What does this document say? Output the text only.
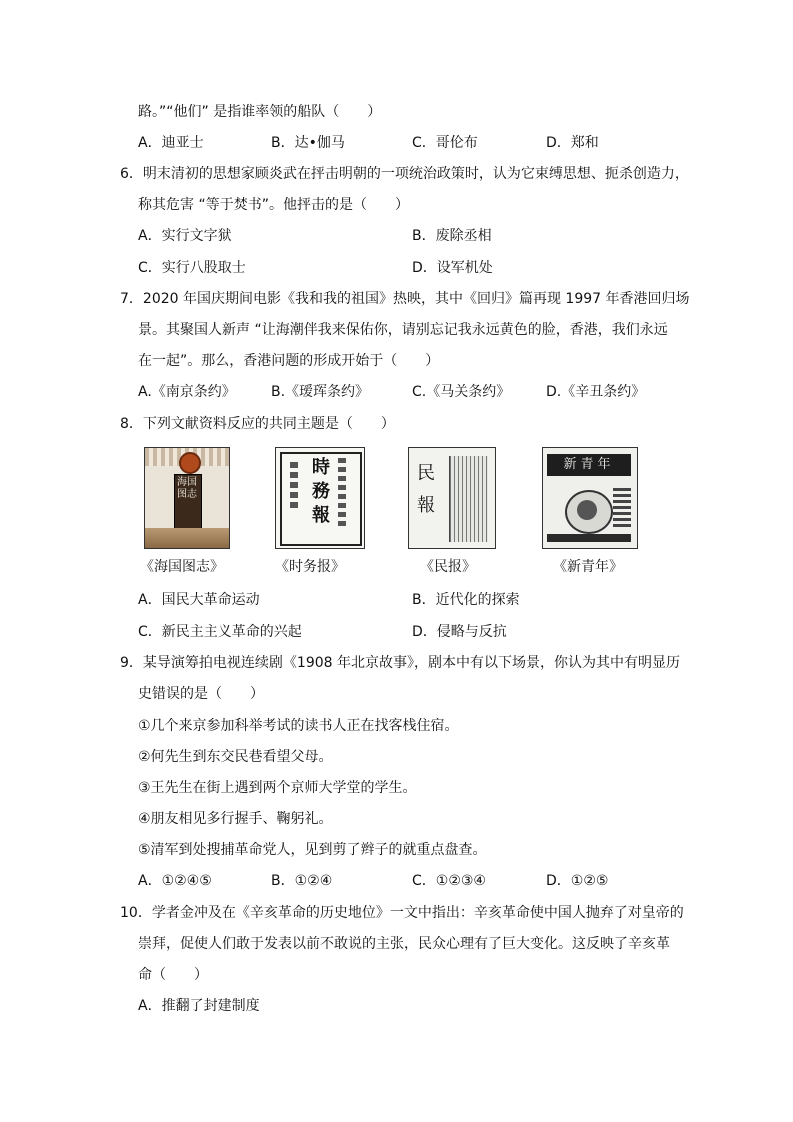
路。”“他们” 是指谁率领的船队（　　）
A．迪亚士	B．达•伽马	C．哥伦布	D．郑和
6．明末清初的思想家顾炎武在抨击明朝的一项统治政策时，认为它束缚思想、扼杀创造力，
称其危害 “等于焚书”。他抨击的是（　　）
A．实行文字狱	B．废除丞相
C．实行八股取士	D．设军机处
7．2020 年国庆期间电影《我和我的祖国》热映，其中《回归》篇再现 1997 年香港回归场
景。其聚国人新声 “让海潮伴我来保佑你，请别忘记我永远黄色的脸，香港，我们永远
在一起”。那么，香港问题的形成开始于（　　）
A.《南京条约》	B.《瑷珲条约》	C.《马关条约》	D.《辛丑条约》
8．下列文献资料反应的共同主题是（　　）
海国图志
時務報
民報
新青年
《海国图志》	《时务报》	《民报》	《新青年》
A．国民大革命运动	B．近代化的探索
C．新民主主义革命的兴起	D．侵略与反抗
9．某导演筹拍电视连续剧《1908 年北京故事》，剧本中有以下场景，你认为其中有明显历
史错误的是（　　）
①几个来京参加科举考试的读书人正在找客栈住宿。
②何先生到东交民巷看望父母。
③王先生在街上遇到两个京师大学堂的学生。
④朋友相见多行握手、鞠躬礼。
⑤清军到处搜捕革命党人，见到剪了辫子的就重点盘查。
A．①②④⑤	B．①②④	C．①②③④	D．①②⑤
10．学者金冲及在《辛亥革命的历史地位》一文中指出：辛亥革命使中国人抛弃了对皇帝的
崇拜，促使人们敢于发表以前不敢说的主张，民众心理有了巨大变化。这反映了辛亥革
命（　　）
A．推翻了封建制度
